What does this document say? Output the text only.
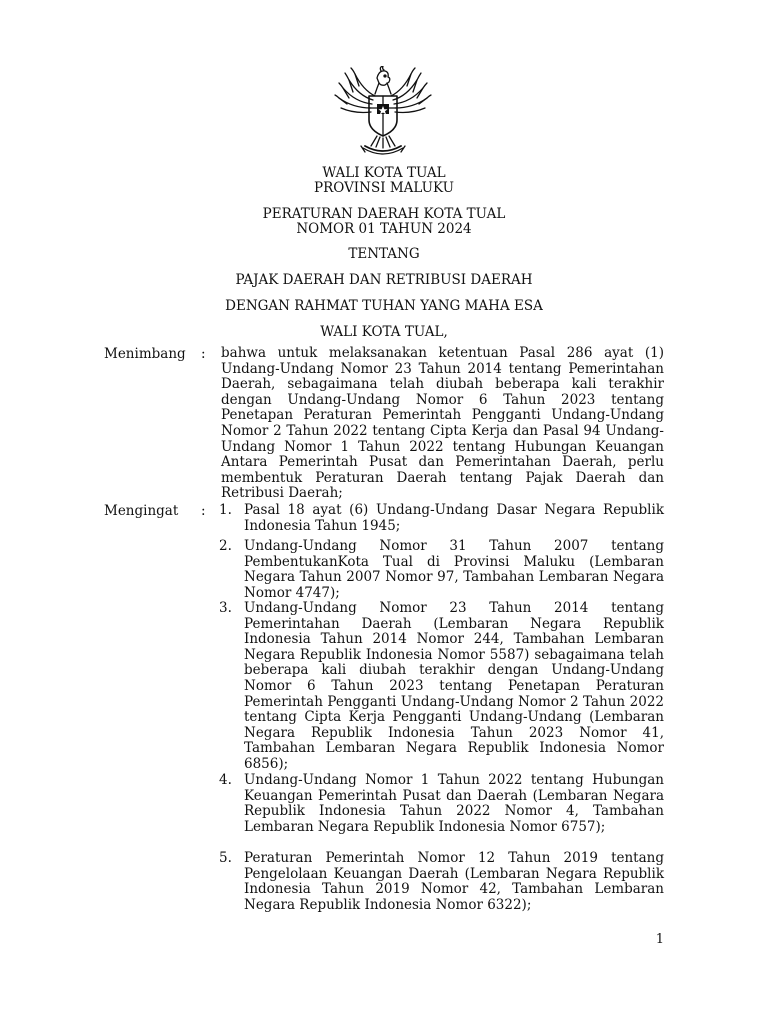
WALI KOTA TUAL
PROVINSI MALUKU
PERATURAN DAERAH KOTA TUAL
NOMOR 01 TAHUN 2024
TENTANG
PAJAK DAERAH DAN RETRIBUSI DAERAH
DENGAN RAHMAT TUHAN YANG MAHA ESA
WALI KOTA TUAL,
Menimbang : bahwa untuk melaksanakan ketentuan Pasal 286 ayat (1) Undang-Undang Nomor 23 Tahun 2014 tentang Pemerintahan Daerah, sebagaimana telah diubah beberapa kali terakhir dengan Undang-Undang Nomor 6 Tahun 2023 tentang Penetapan Peraturan Pemerintah Pengganti Undang-Undang Nomor 2 Tahun 2022 tentang Cipta Kerja dan Pasal 94 Undang-Undang Nomor 1 Tahun 2022 tentang Hubungan Keuangan Antara Pemerintah Pusat dan Pemerintahan Daerah, perlu membentuk Peraturan Daerah tentang Pajak Daerah dan Retribusi Daerah;
Mengingat : 1. Pasal 18 ayat (6) Undang-Undang Dasar Negara Republik Indonesia Tahun 1945;
2. Undang-Undang Nomor 31 Tahun 2007 tentang PembentukanKota Tual di Provinsi Maluku (Lembaran Negara Tahun 2007 Nomor 97, Tambahan Lembaran Negara Nomor 4747);
3. Undang-Undang Nomor 23 Tahun 2014 tentang Pemerintahan Daerah (Lembaran Negara Republik Indonesia Tahun 2014 Nomor 244, Tambahan Lembaran Negara Republik Indonesia Nomor 5587) sebagaimana telah beberapa kali diubah terakhir dengan Undang-Undang Nomor 6 Tahun 2023 tentang Penetapan Peraturan Pemerintah Pengganti Undang-Undang Nomor 2 Tahun 2022 tentang Cipta Kerja Pengganti Undang-Undang (Lembaran Negara Republik Indonesia Tahun 2023 Nomor 41, Tambahan Lembaran Negara Republik Indonesia Nomor 6856);
4. Undang-Undang Nomor 1 Tahun 2022 tentang Hubungan Keuangan Pemerintah Pusat dan Daerah (Lembaran Negara Republik Indonesia Tahun 2022 Nomor 4, Tambahan Lembaran Negara Republik Indonesia Nomor 6757);
5. Peraturan Pemerintah Nomor 12 Tahun 2019 tentang Pengelolaan Keuangan Daerah (Lembaran Negara Republik Indonesia Tahun 2019 Nomor 42, Tambahan Lembaran Negara Republik Indonesia Nomor 6322);
1
